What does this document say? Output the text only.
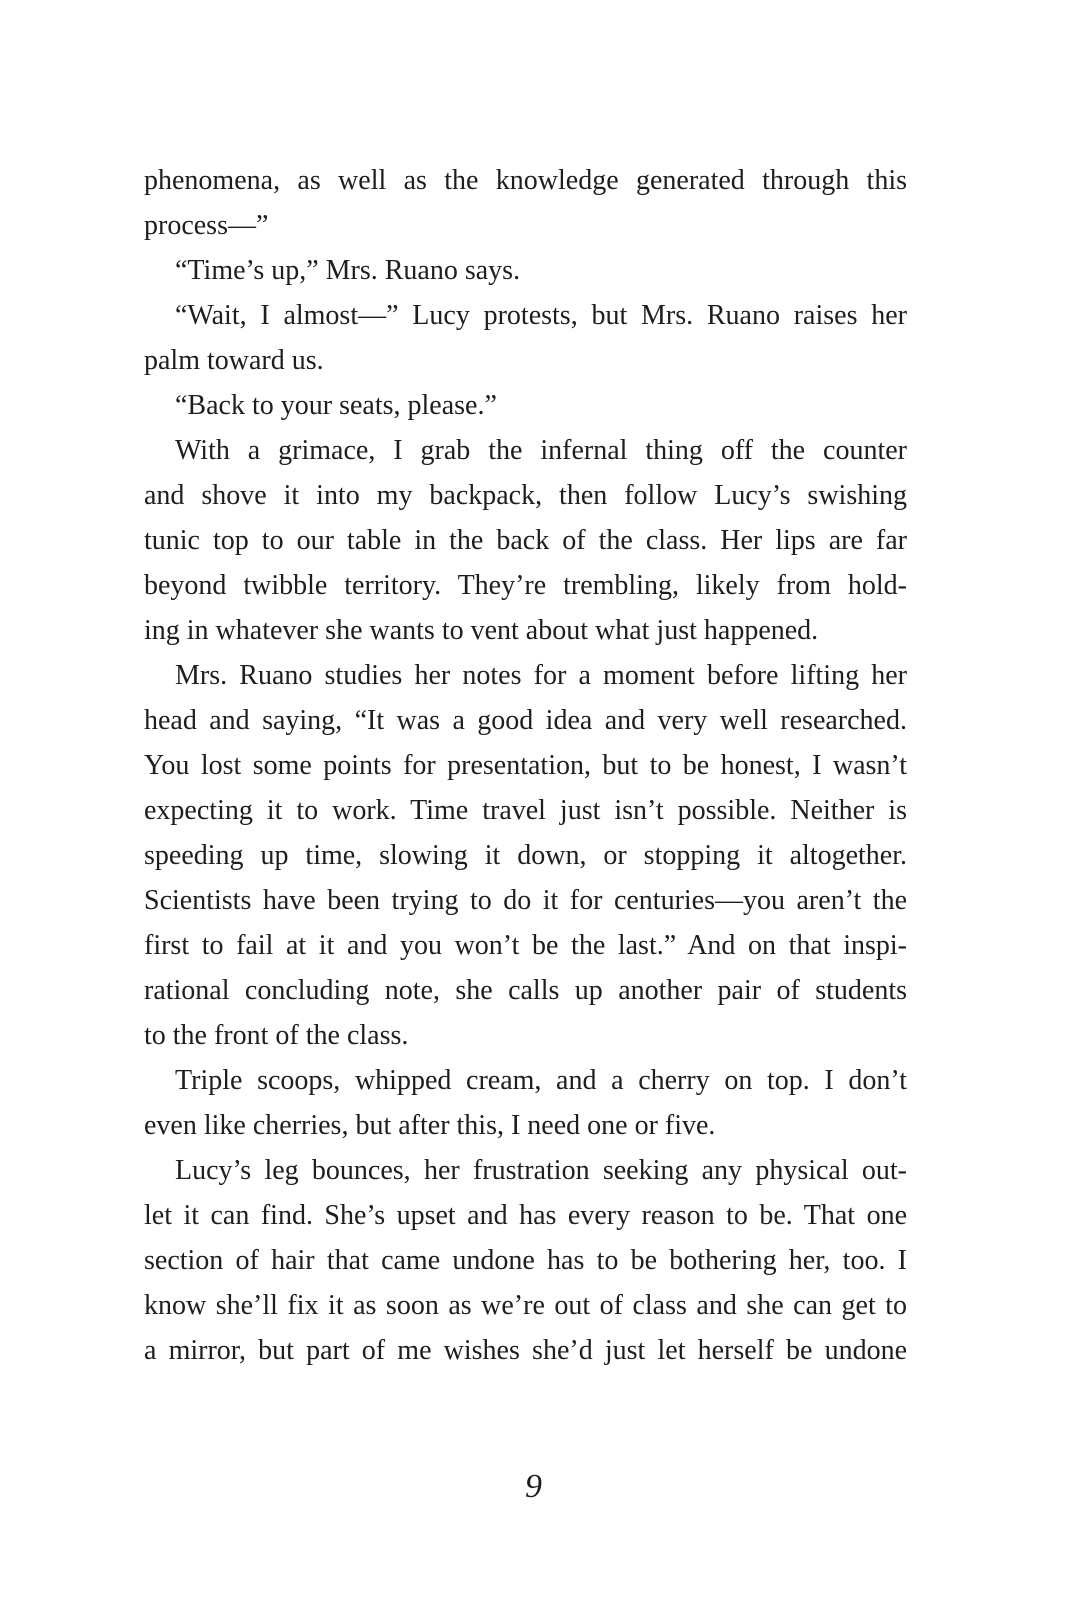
phenomena, as well as the knowledge generated through this
process—”
“Time’s up,” Mrs. Ruano says.
“Wait, I almost—” Lucy protests, but Mrs. Ruano raises her
palm toward us.
“Back to your seats, please.”
With a grimace, I grab the infernal thing off the counter
and shove it into my backpack, then follow Lucy’s swishing
tunic top to our table in the back of the class. Her lips are far
beyond twibble territory. They’re trembling, likely from hold-
ing in whatever she wants to vent about what just happened.
Mrs. Ruano studies her notes for a moment before lifting her
head and saying, “It was a good idea and very well researched.
You lost some points for presentation, but to be honest, I wasn’t
expecting it to work. Time travel just isn’t possible. Neither is
speeding up time, slowing it down, or stopping it altogether.
Scientists have been trying to do it for centuries—you aren’t the
first to fail at it and you won’t be the last.” And on that inspi-
rational concluding note, she calls up another pair of students
to the front of the class.
Triple scoops, whipped cream, and a cherry on top. I don’t
even like cherries, but after this, I need one or five.
Lucy’s leg bounces, her frustration seeking any physical out-
let it can find. She’s upset and has every reason to be. That one
section of hair that came undone has to be bothering her, too. I
know she’ll fix it as soon as we’re out of class and she can get to
a mirror, but part of me wishes she’d just let herself be undone
9
